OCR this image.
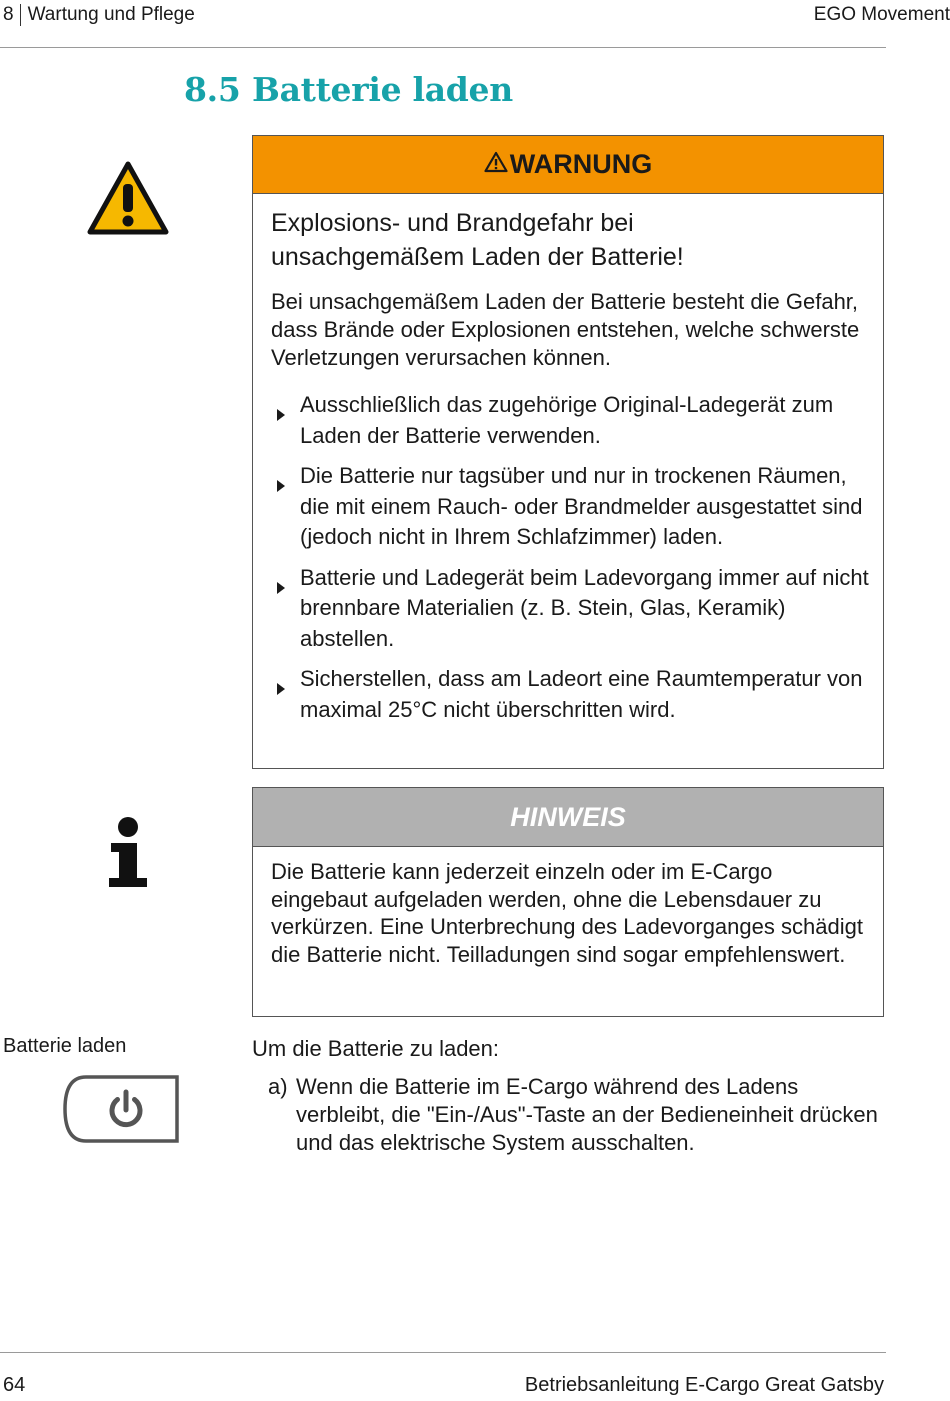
8 Wartung und Pflege	EGO Movement
8.5 Batterie laden
WARNUNG
Explosions- und Brandgefahr bei
unsachgemäßem Laden der Batterie!
Bei unsachgemäßem Laden der Batterie besteht die Gefahr, dass Brände oder Explosionen entstehen, welche schwerste Verletzungen verursachen können.
Ausschließlich das zugehörige Original-Ladegerät zum Laden der Batterie verwenden.
Die Batterie nur tagsüber und nur in trockenen Räumen, die mit einem Rauch- oder Brandmelder ausgestattet sind (jedoch nicht in Ihrem Schlafzimmer) laden.
Batterie und Ladegerät beim Ladevorgang immer auf nicht brennbare Materialien (z. B. Stein, Glas, Keramik) abstellen.
Sicherstellen, dass am Ladeort eine Raumtemperatur von maximal 25°C nicht überschritten wird.
HINWEIS
Die Batterie kann jederzeit einzeln oder im E-Cargo eingebaut aufgeladen werden, ohne die Lebensdauer zu verkürzen. Eine Unterbrechung des Ladevorganges schädigt die Batterie nicht. Teilladungen sind sogar empfehlenswert.
Batterie laden	Um die Batterie zu laden:
a) Wenn die Batterie im E-Cargo während des Ladens verbleibt, die "Ein-/Aus"-Taste an der Bedieneinheit drücken und das elektrische System ausschalten.
64	Betriebsanleitung E-Cargo Great Gatsby
